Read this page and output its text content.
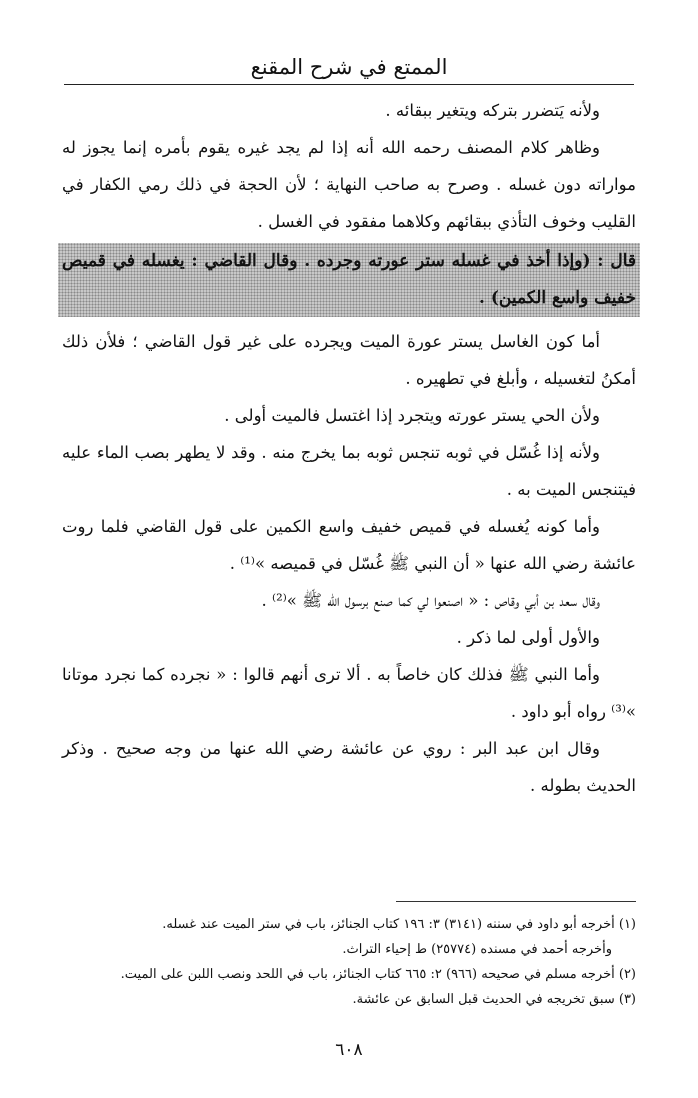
الممتع في شرح المقنع

ولأنه يَتضرر بتركه ويتغير ببقائه .

وظاهر كلام المصنف رحمه الله أنه إذا لم يجد غيره يقوم بأمره إنما يجوز له مواراته دون غسله . وصرح به صاحب النهاية ؛ لأن الحجة في ذلك رمي الكفار في القليب وخوف التأذي ببقائهم وكلاهما مفقود في الغسل .

قال : (وإذا أخذ في غسله ستر عورته وجرده . وقال القاضي : يغسله في قميص خفيف واسع الكمين) .

أما كون الغاسل يستر عورة الميت ويجرده على غير قول القاضي ؛ فلأن ذلك أمكنُ لتغسيله ، وأبلغ في تطهيره .

ولأن الحي يستر عورته ويتجرد إذا اغتسل فالميت أولى .

ولأنه إذا غُسّل في ثوبه تنجس ثوبه بما يخرج منه . وقد لا يطهر بصب الماء عليه فيتنجس الميت به .

وأما كونه يُغسله في قميص خفيف واسع الكمين على قول القاضي فلما روت عائشة رضي الله عنها « أن النبي ﷺ غُسّل في قميصه »⁽¹⁾ .

وقال سعد بن أبي وقاص : « اصنعوا لي كما صنع برسول الله ﷺ »⁽²⁾ .

والأول أولى لما ذكر .

وأما النبي ﷺ فذلك كان خاصاً به . ألا ترى أنهم قالوا : « نجرده كما نجرد موتانا »⁽³⁾ رواه أبو داود .

وقال ابن عبد البر : روي عن عائشة رضي الله عنها من وجه صحيح . وذكر الحديث بطوله .

(١) أخرجه أبو داود في سننه (٣١٤١) ٣: ١٩٦ كتاب الجنائز، باب في ستر الميت عند غسله.

وأخرجه أحمد في مسنده (٢٥٧٧٤) ط إحياء التراث.

(٢) أخرجه مسلم في صحيحه (٩٦٦) ٢: ٦٦٥ كتاب الجنائز، باب في اللحد ونصب اللبن على الميت.

(٣) سبق تخريجه في الحديث قبل السابق عن عائشة.

٦٠٨
